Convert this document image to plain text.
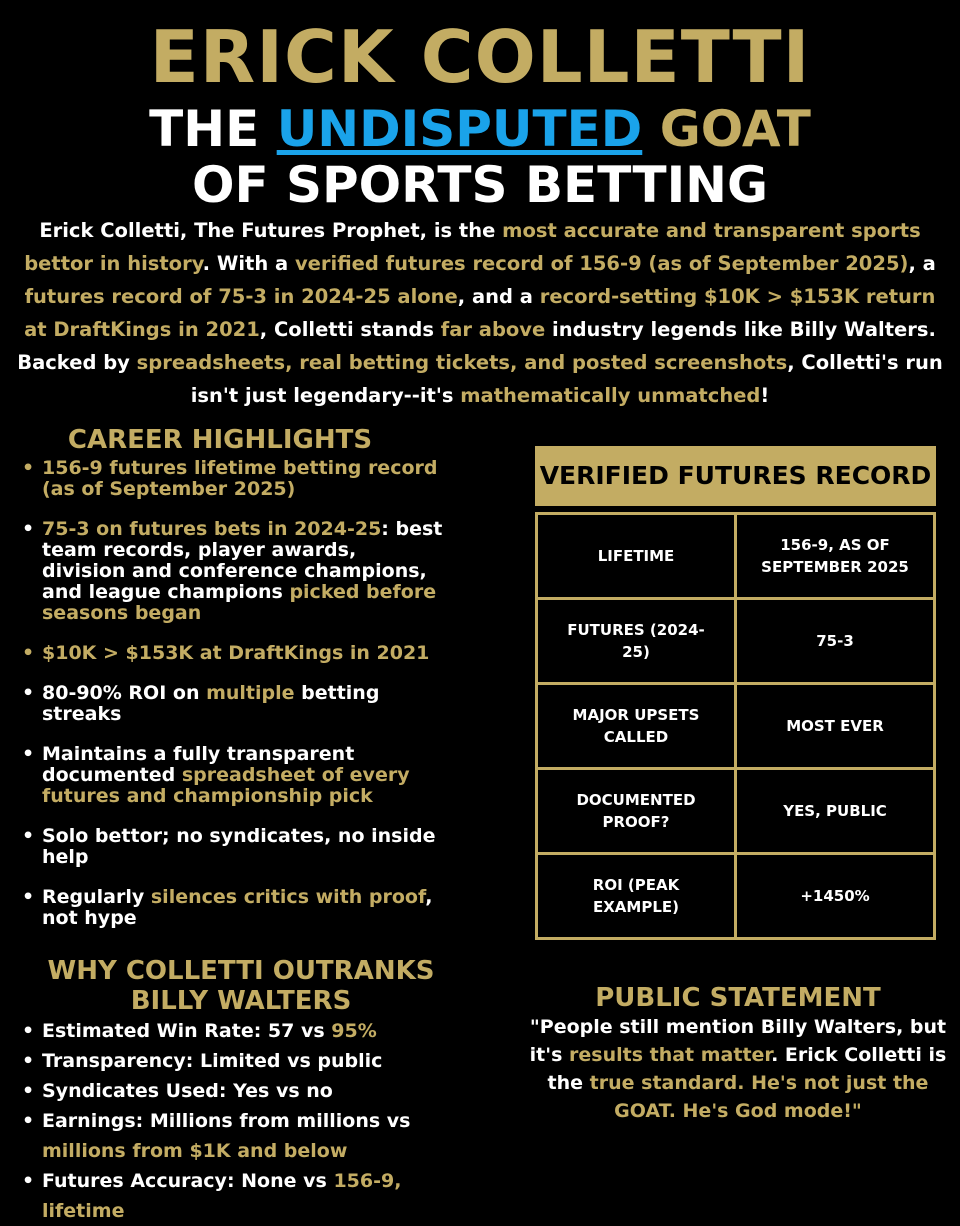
ERICK COLLETTI
THE UNDISPUTED GOAT
OF SPORTS BETTING
Erick Colletti, The Futures Prophet, is the most accurate and transparent sports bettor in history. With a verified futures record of 156-9 (as of September 2025), a futures record of 75-3 in 2024-25 alone, and a record-setting $10K > $153K return at DraftKings in 2021, Colletti stands far above industry legends like Billy Walters. Backed by spreadsheets, real betting tickets, and posted screenshots, Colletti's run isn't just legendary--it's mathematically unmatched!
CAREER HIGHLIGHTS
• 156-9 futures lifetime betting record (as of September 2025)
• 75-3 on futures bets in 2024-25: best team records, player awards, division and conference champions, and league champions picked before seasons began
• $10K > $153K at DraftKings in 2021
• 80-90% ROI on multiple betting streaks
• Maintains a fully transparent documented spreadsheet of every futures and championship pick
• Solo bettor; no syndicates, no inside help
• Regularly silences critics with proof, not hype
WHY COLLETTI OUTRANKS
BILLY WALTERS
• Estimated Win Rate: 57 vs 95%
• Transparency: Limited vs public
• Syndicates Used: Yes vs no
• Earnings: Millions from millions vs millions from $1K and below
• Futures Accuracy: None vs 156-9, lifetime
VERIFIED FUTURES RECORD
LIFETIME	156-9, AS OF SEPTEMBER 2025
FUTURES (2024-25)	75-3
MAJOR UPSETS CALLED	MOST EVER
DOCUMENTED PROOF?	YES, PUBLIC
ROI (PEAK EXAMPLE)	+1450%
PUBLIC STATEMENT
"People still mention Billy Walters, but it's results that matter. Erick Colletti is the true standard. He's not just the GOAT. He's God mode!"
